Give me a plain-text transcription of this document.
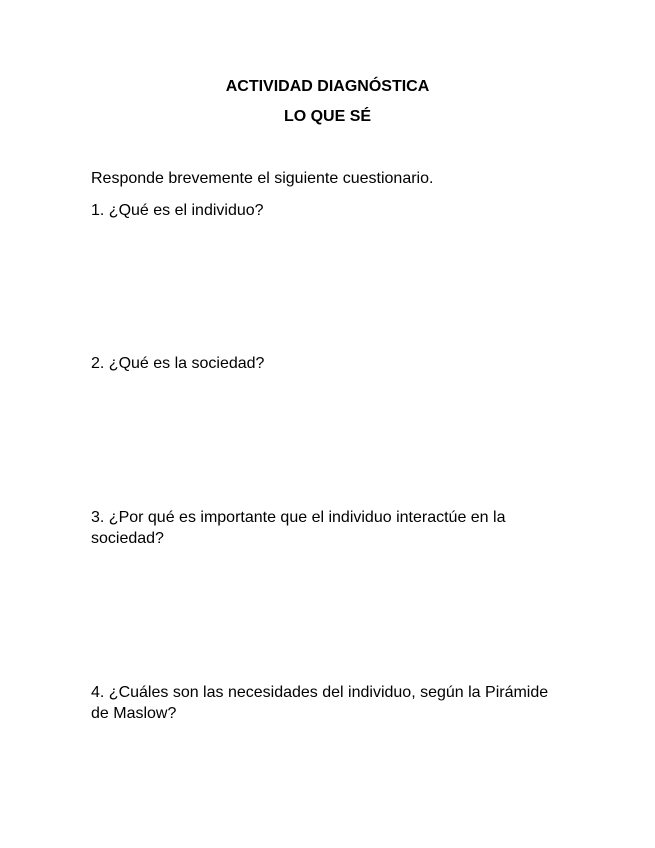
ACTIVIDAD DIAGNÓSTICA
LO QUE SÉ

Responde brevemente el siguiente cuestionario.

1. ¿Qué es el individuo?

2. ¿Qué es la sociedad?

3. ¿Por qué es importante que el individuo interactúe en la sociedad?

4. ¿Cuáles son las necesidades del individuo, según la Pirámide de Maslow?
